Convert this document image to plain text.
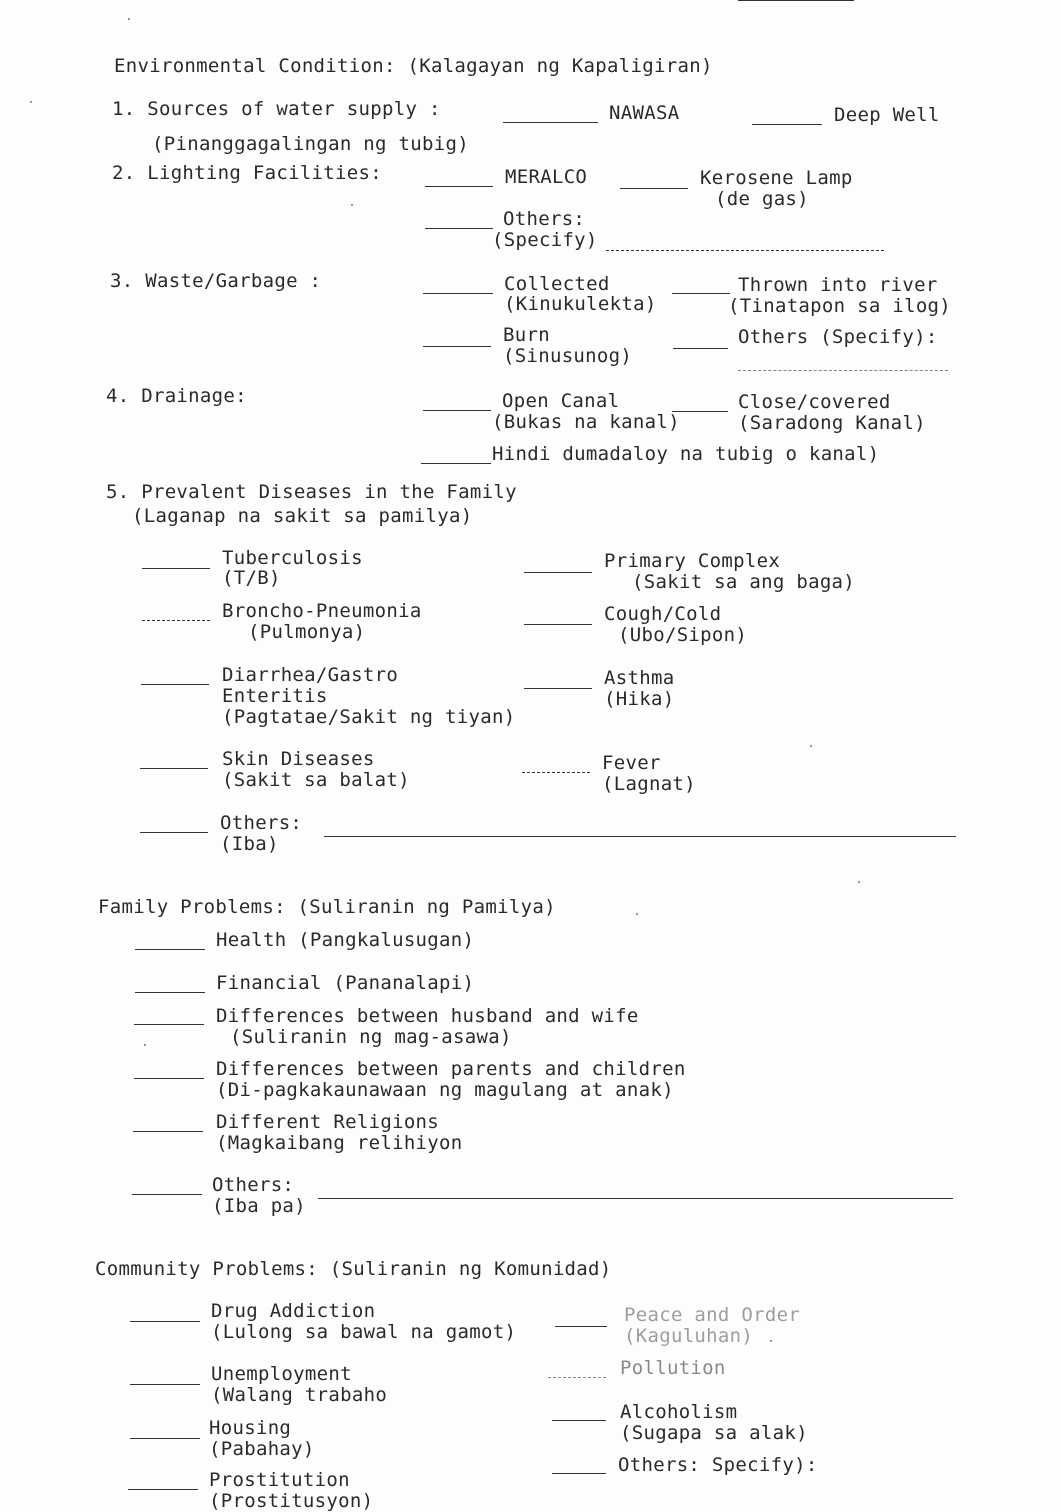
Environmental Condition: (Kalagayan ng Kapaligiran)
1. Sources of water supply :
(Pinanggagalingan ng tubig)
NAWASA	Deep Well
2. Lighting Facilities:	MERALCO	Kerosene Lamp
(de gas)
Others:
(Specify)
3. Waste/Garbage :	Collected
(Kinukulekta)
Thrown into river
(Tinatapon sa ilog)
Burn
(Sinusunog)
Others (Specify):
4. Drainage:	Open Canal
(Bukas na kanal)
Close/covered
(Saradong Kanal)
Hindi dumadaloy na tubig o kanal)
5. Prevalent Diseases in the Family
(Laganap na sakit sa pamilya)
Tuberculosis
(T/B)
Primary Complex
(Sakit sa ang baga)
Broncho-Pneumonia
(Pulmonya)
Cough/Cold
(Ubo/Sipon)
Diarrhea/Gastro
Enteritis
(Pagtatae/Sakit ng tiyan)
Asthma
(Hika)
Skin Diseases
(Sakit sa balat)
Fever
(Lagnat)
Others:
(Iba)
Family Problems: (Suliranin ng Pamilya)
Health (Pangkalusugan)
Financial (Pananalapi)
Differences between husband and wife
(Suliranin ng mag-asawa)
Differences between parents and children
(Di-pagkakaunawaan ng magulang at anak)
Different Religions
(Magkaibang relihiyon
Others:
(Iba pa)
Community Problems: (Suliranin ng Komunidad)
Drug Addiction
(Lulong sa bawal na gamot)
Peace and Order
(Kaguluhan)
Unemployment
(Walang trabaho
Pollution
Housing
(Pabahay)
Alcoholism
(Sugapa sa alak)
Prostitution
(Prostitusyon)
Others: Specify):
